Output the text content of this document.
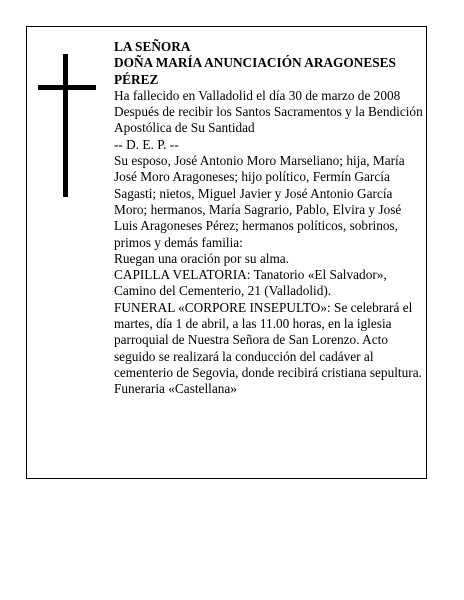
LA SEÑORA

DOÑA MARÍA ANUNCIACIÓN ARAGONESES PÉREZ

Ha fallecido en Valladolid el día 30 de marzo de 2008

Después de recibir los Santos Sacramentos y la Bendición Apostólica de Su Santidad

-- D. E. P. --

Su esposo, José Antonio Moro Marseliano; hija, María José Moro Aragoneses; hijo político, Fermín García Sagasti; nietos, Miguel Javier y José Antonio García Moro; hermanos, María Sagrario, Pablo, Elvira y José Luis Aragoneses Pérez; hermanos políticos, sobrinos, primos y demás familia:

Ruegan una oración por su alma.

CAPILLA VELATORIA: Tanatorio «El Salvador», Camino del Cementerio, 21 (Valladolid).

FUNERAL «CORPORE INSEPULTO»: Se celebrará el martes, día 1 de abril, a las 11.00 horas, en la iglesia parroquial de Nuestra Señora de San Lorenzo. Acto seguido se realizará la conducción del cadáver al cementerio de Segovia, donde recibirá cristiana sepultura.

Funeraria «Castellana»
